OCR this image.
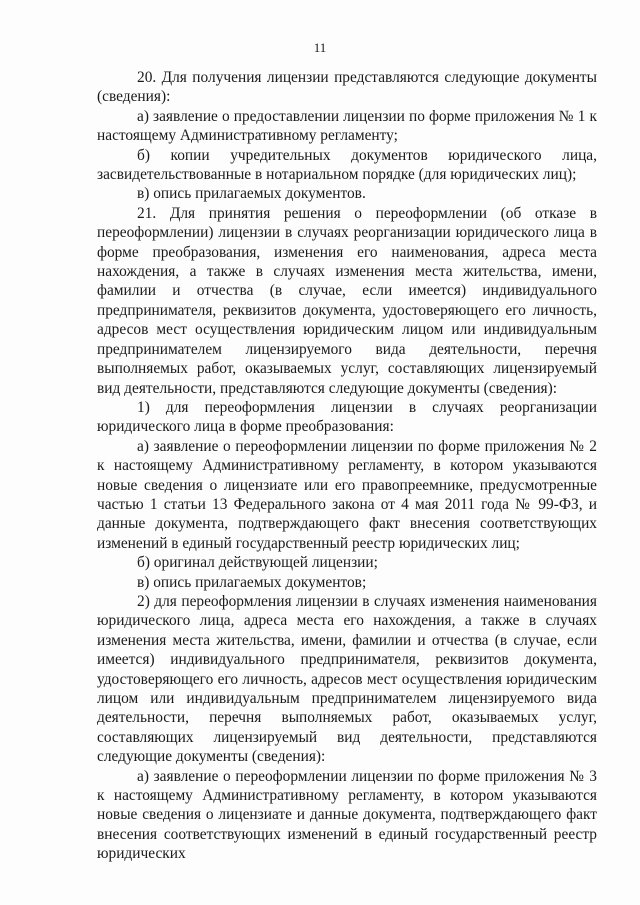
11

20. Для получения лицензии представляются следующие документы (сведения):

а) заявление о предоставлении лицензии по форме приложения № 1 к настоящему Административному регламенту;

б) копии учредительных документов юридического лица, засвидетельствованные в нотариальном порядке (для юридических лиц);

в) опись прилагаемых документов.

21. Для принятия решения о переоформлении (об отказе в переоформлении) лицензии в случаях реорганизации юридического лица в форме преобразования, изменения его наименования, адреса места нахождения, а также в случаях изменения места жительства, имени, фамилии и отчества (в случае, если имеется) индивидуального предпринимателя, реквизитов документа, удостоверяющего его личность, адресов мест осуществления юридическим лицом или индивидуальным предпринимателем лицензируемого вида деятельности, перечня выполняемых работ, оказываемых услуг, составляющих лицензируемый вид деятельности, представляются следующие документы (сведения):

1) для переоформления лицензии в случаях реорганизации юридического лица в форме преобразования:

а) заявление о переоформлении лицензии по форме приложения № 2 к настоящему Административному регламенту, в котором указываются новые сведения о лицензиате или его правопреемнике, предусмотренные частью 1 статьи 13 Федерального закона от 4 мая 2011 года № 99-ФЗ, и данные документа, подтверждающего факт внесения соответствующих изменений в единый государственный реестр юридических лиц;

б) оригинал действующей лицензии;

в) опись прилагаемых документов;

2) для переоформления лицензии в случаях изменения наименования юридического лица, адреса места его нахождения, а также в случаях изменения места жительства, имени, фамилии и отчества (в случае, если имеется) индивидуального предпринимателя, реквизитов документа, удостоверяющего его личность, адресов мест осуществления юридическим лицом или индивидуальным предпринимателем лицензируемого вида деятельности, перечня выполняемых работ, оказываемых услуг, составляющих лицензируемый вид деятельности, представляются следующие документы (сведения):

а) заявление о переоформлении лицензии по форме приложения № 3 к настоящему Административному регламенту, в котором указываются новые сведения о лицензиате и данные документа, подтверждающего факт внесения соответствующих изменений в единый государственный реестр юридических
